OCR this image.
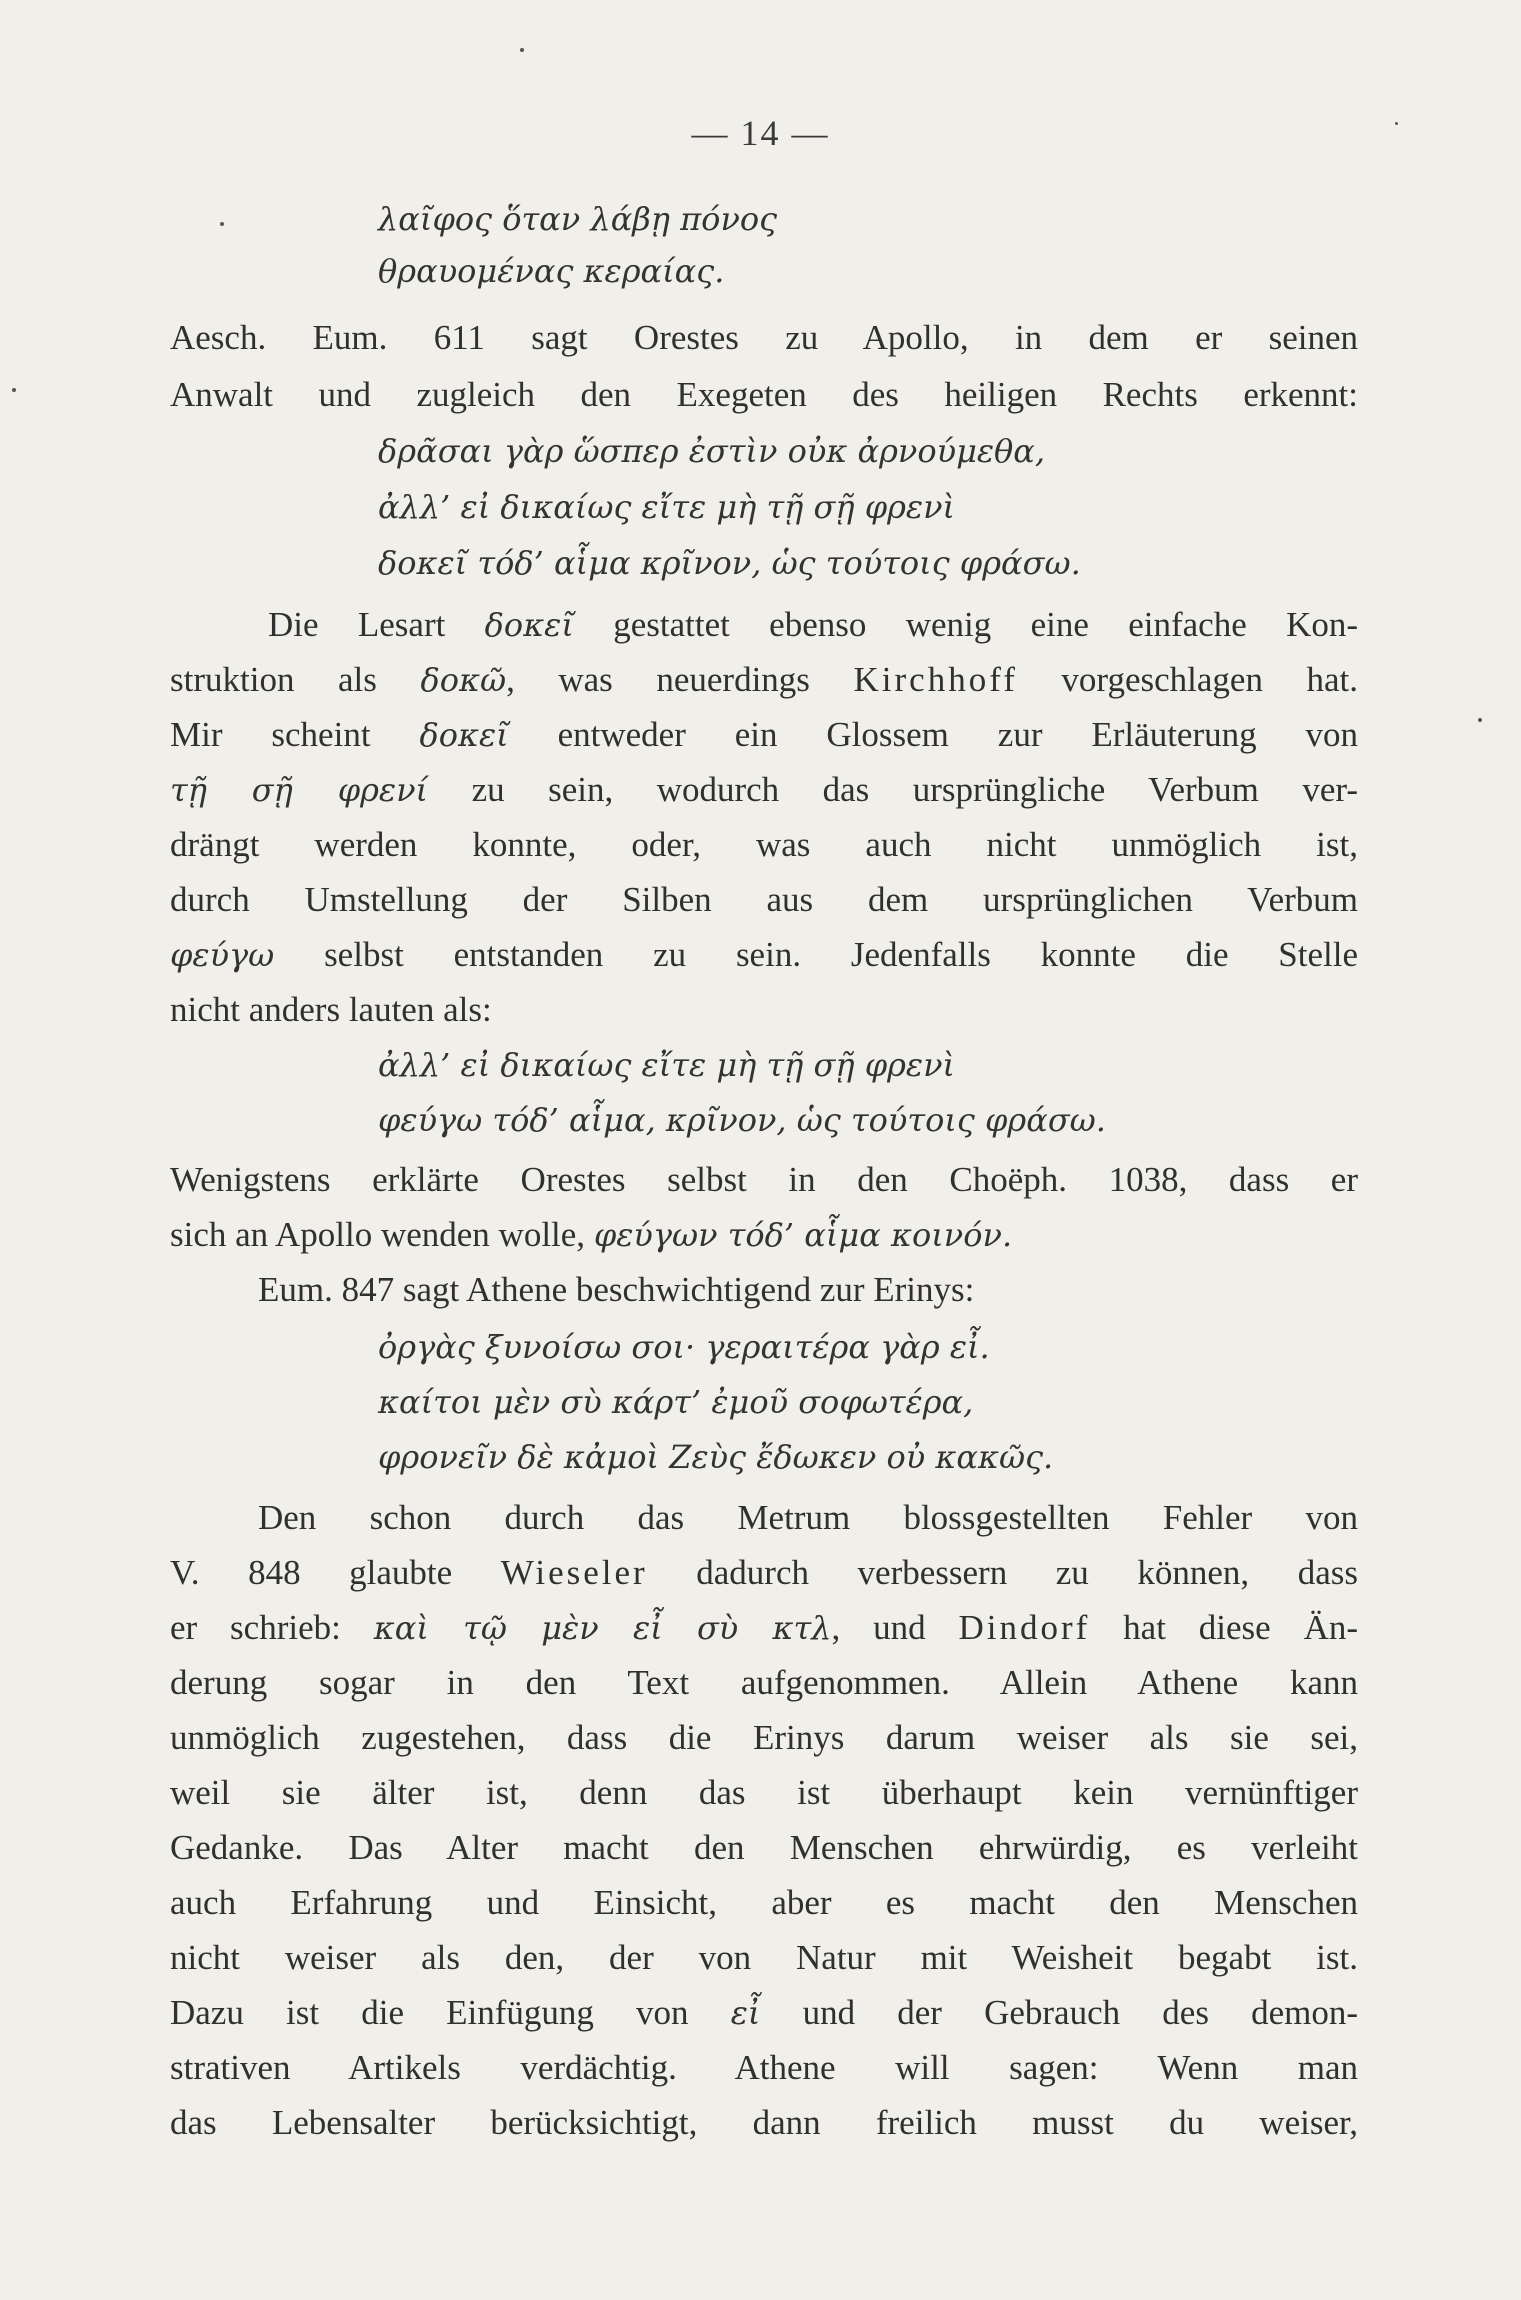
— 14 —
λαῖφος ὅταν λάβῃ πόνος
θραυομένας κεραίας.
Aesch. Eum. 611 sagt Orestes zu Apollo, in dem er seinen
Anwalt und zugleich den Exegeten des heiligen Rechts erkennt:
δρᾶσαι γὰρ ὥσπερ ἐστὶν οὐκ ἀρνούμεθα,
ἀλλ’ εἰ δικαίως εἴτε μὴ τῇ σῇ φρενὶ
δοκεῖ τόδ’ αἷμα κρῖνον, ὡς τούτοις φράσω.
Die Lesart δοκεῖ gestattet ebenso wenig eine einfache Kon-
struktion als δοκῶ, was neuerdings Kirchhoff vorgeschlagen hat.
Mir scheint δοκεῖ entweder ein Glossem zur Erläuterung von
τῇ σῇ φρενί zu sein, wodurch das ursprüngliche Verbum ver-
drängt werden konnte, oder, was auch nicht unmöglich ist,
durch Umstellung der Silben aus dem ursprünglichen Verbum
φεύγω selbst entstanden zu sein. Jedenfalls konnte die Stelle
nicht anders lauten als:
ἀλλ’ εἰ δικαίως εἴτε μὴ τῇ σῇ φρενὶ
φεύγω τόδ’ αἷμα, κρῖνον, ὡς τούτοις φράσω.
Wenigstens erklärte Orestes selbst in den Choëph. 1038, dass er
sich an Apollo wenden wolle, φεύγων τόδ’ αἷμα κοινόν.
Eum. 847 sagt Athene beschwichtigend zur Erinys:
ὀργὰς ξυνοίσω σοι· γεραιτέρα γὰρ εἶ.
καίτοι μὲν σὺ κάρτ’ ἐμοῦ σοφωτέρα,
φρονεῖν δὲ κἀμοὶ Ζεὺς ἔδωκεν οὐ κακῶς.
Den schon durch das Metrum blossgestellten Fehler von
V. 848 glaubte Wieseler dadurch verbessern zu können, dass
er schrieb: καὶ τῷ μὲν εἶ σὺ κτλ, und Dindorf hat diese Än-
derung sogar in den Text aufgenommen. Allein Athene kann
unmöglich zugestehen, dass die Erinys darum weiser als sie sei,
weil sie älter ist, denn das ist überhaupt kein vernünftiger
Gedanke. Das Alter macht den Menschen ehrwürdig, es verleiht
auch Erfahrung und Einsicht, aber es macht den Menschen
nicht weiser als den, der von Natur mit Weisheit begabt ist.
Dazu ist die Einfügung von εἶ und der Gebrauch des demon-
strativen Artikels verdächtig. Athene will sagen: Wenn man
das Lebensalter berücksichtigt, dann freilich musst du weiser,
